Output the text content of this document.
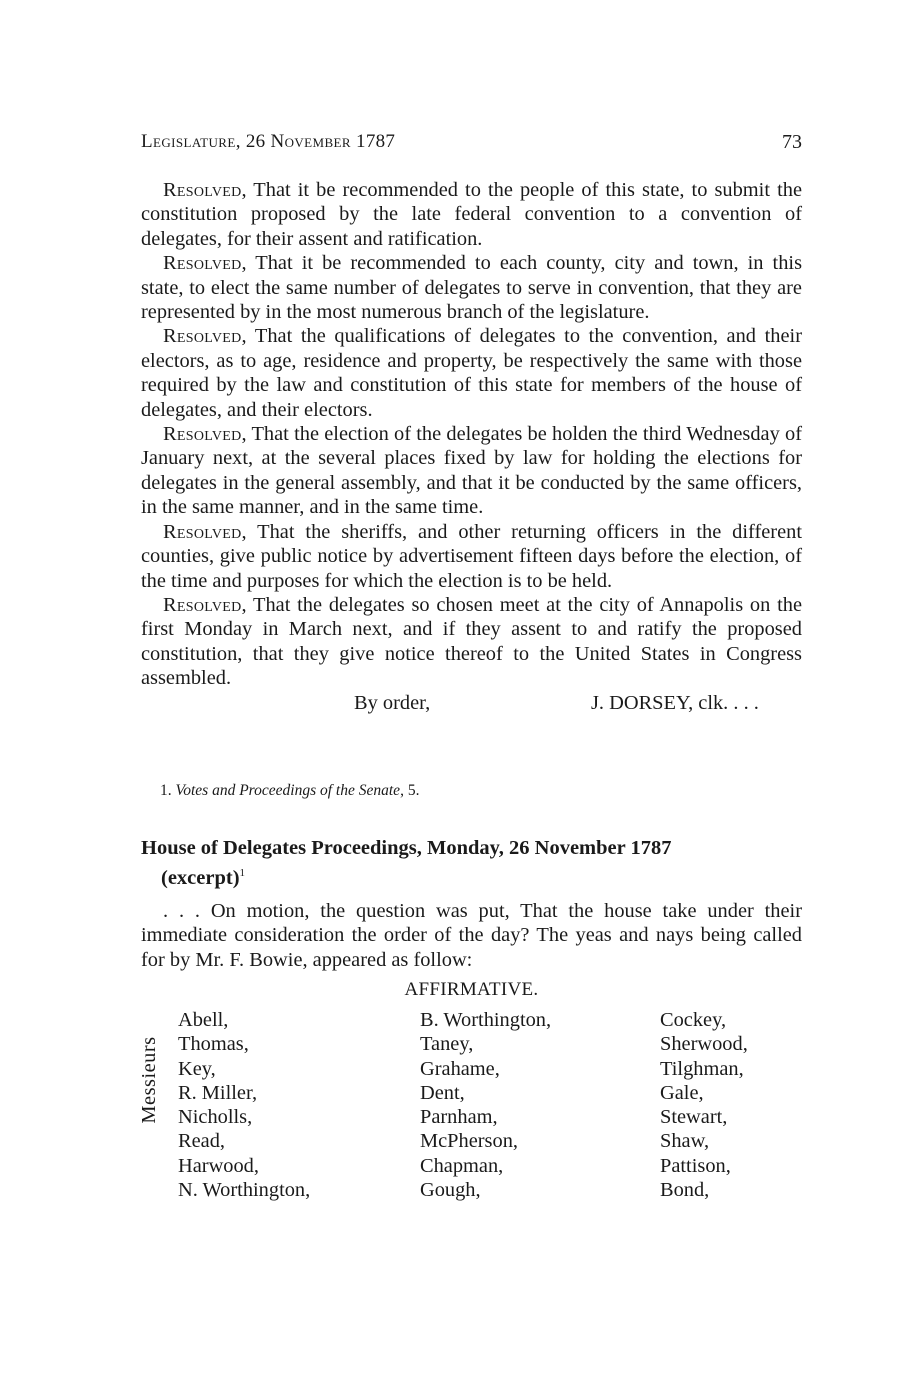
Legislature, 26 November 1787	73

Resolved, That it be recommended to the people of this state, to submit the constitution proposed by the late federal convention to a convention of delegates, for their assent and ratification.

Resolved, That it be recommended to each county, city and town, in this state, to elect the same number of delegates to serve in convention, that they are represented by in the most numerous branch of the legislature.

Resolved, That the qualifications of delegates to the convention, and their electors, as to age, residence and property, be respectively the same with those required by the law and constitution of this state for members of the house of delegates, and their electors.

Resolved, That the election of the delegates be holden the third Wednesday of January next, at the several places fixed by law for holding the elections for delegates in the general assembly, and that it be conducted by the same officers, in the same manner, and in the same time.

Resolved, That the sheriffs, and other returning officers in the different counties, give public notice by advertisement fifteen days before the election, of the time and purposes for which the election is to be held.

Resolved, That the delegates so chosen meet at the city of Annapolis on the first Monday in March next, and if they assent to and ratify the proposed constitution, that they give notice thereof to the United States in Congress assembled.

By order,	J. DORSEY, clk. . . .
1. Votes and Proceedings of the Senate, 5.
House of Delegates Proceedings, Monday, 26 November 1787
(excerpt)$^1$

. . . On motion, the question was put, That the house take under their immediate consideration the order of the day? The yeas and nays being called for by Mr. F. Bowie, appeared as follow:

AFFIRMATIVE.
Messieurs
Abell,
Thomas,
Key,
R. Miller,
Nicholls,
Read,
Harwood,
N. Worthington,
B. Worthington,
Taney,
Grahame,
Dent,
Parnham,
McPherson,
Chapman,
Gough,
Cockey,
Sherwood,
Tilghman,
Gale,
Stewart,
Shaw,
Pattison,
Bond,
